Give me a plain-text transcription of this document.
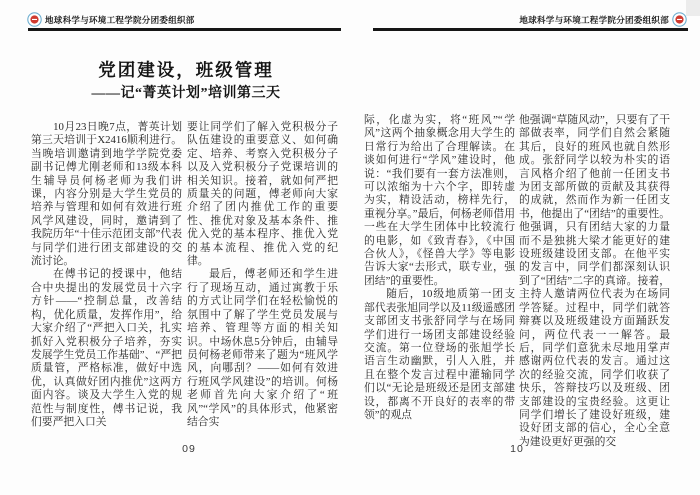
地球科学与环境工程学院分团委组织部	地球科学与环境工程学院分团委组织部
党团建设，班级管理
——记“菁英计划”培训第三天

10月23日晚7点，菁英计划第三天培训于X2416顺利进行。当晚培训邀请到地学学院党委副书记傅尤刚老师和13级本科生辅导员何杨老师为我们讲课，内容分别是大学生党员的培养与管理和如何有效进行班风学风建设，同时，邀请到了我院历年“十佳示范团支部”代表与同学们进行团支部建设的交流讨论。

在傅书记的授课中，他结合中央提出的发展党员十六字方针——“控制总量，改善结构，优化质量，发挥作用”，给大家介绍了“严把入口关，扎实抓好入党积极分子培养，夯实发展学生党员工作基础”、“严把质量管，严格标准，做好中选优，认真做好团内推优”这两方面内容。谈及大学生入党的规范性与制度性，傅书记说，我们要严把入口关

要让同学们了解入党积极分子队伍建设的重要意义、如何确定、培养、考察入党积极分子以及入党积极分子党课培训的相关知识。接着，就如何严把质量关的问题，傅老师向大家介绍了团内推优工作的重要性、推优对象及基本条件、推优入党的基本程序、推优入党的基本流程、推优入党的纪律。

最后，傅老师还和学生进行了现场互动，通过寓教于乐的方式让同学们在轻松愉悦的氛围中了解了学生党员发展与培养、管理等方面的相关知识。中场休息5分钟后，由辅导员何杨老师带来了题为“班风学风，向哪刮？——如何有效进行班风学风建设”的培训。何杨老师首先向大家介绍了“班风”“学风”的具体形式，他紧密结合实

际，化虚为实，将“班风”“学风”这两个抽象概念用大学生的日常行为给出了合理解读。在谈如何进行“学风”建设时，他说：“我们要有一套方法准则，可以浓缩为十六个字，即转虚为实，精设活动，榜样先行，重视分享。”最后，何杨老师借用一些在大学生团体中比较流行的电影，如《致青春》，《中国合伙人》，《怪兽大学》等电影告诉大家“去形式，联专业，强团结”的重要性。

随后，10级地质第一团支部代表张旭同学以及11级遥感团支部团支书张舒同学与在场同学们进行一场团支部建设经验交流。第一位登场的张旭学长语言生动幽默，引人入胜，并且在整个发言过程中灌输同学们以“无论是班级还是团支部建设，都离不开良好的表率的带领”的观点

他强调“草随风动”，只要有了干部做表率，同学们自然会紧随其后，良好的班风也就自然形成。张舒同学以较为朴实的语言风格介绍了他前一任团支书为团支部所做的贡献及其获得的成就，然而作为新一任团支书，他提出了“团结”的重要性。他强调，只有团结大家的力量而不是独挑大梁才能更好的建设班级建设团支部。在他平实的发言中，同学们都深刻认识到了“团结”二字的真谛。接着，主持人邀请两位代表为在场同学答疑。过程中，同学们就答辩赛以及班级建设方面踊跃发问，两位代表一一解答。最后，同学们意犹未尽地用掌声感谢两位代表的发言。通过这次的经验交流，同学们收获了快乐，答辩技巧以及班级、团支部建设的宝贵经验。这更让同学们增长了建设好班级，建设好团支部的信心，全心全意为建设更好更强的交

09	10
